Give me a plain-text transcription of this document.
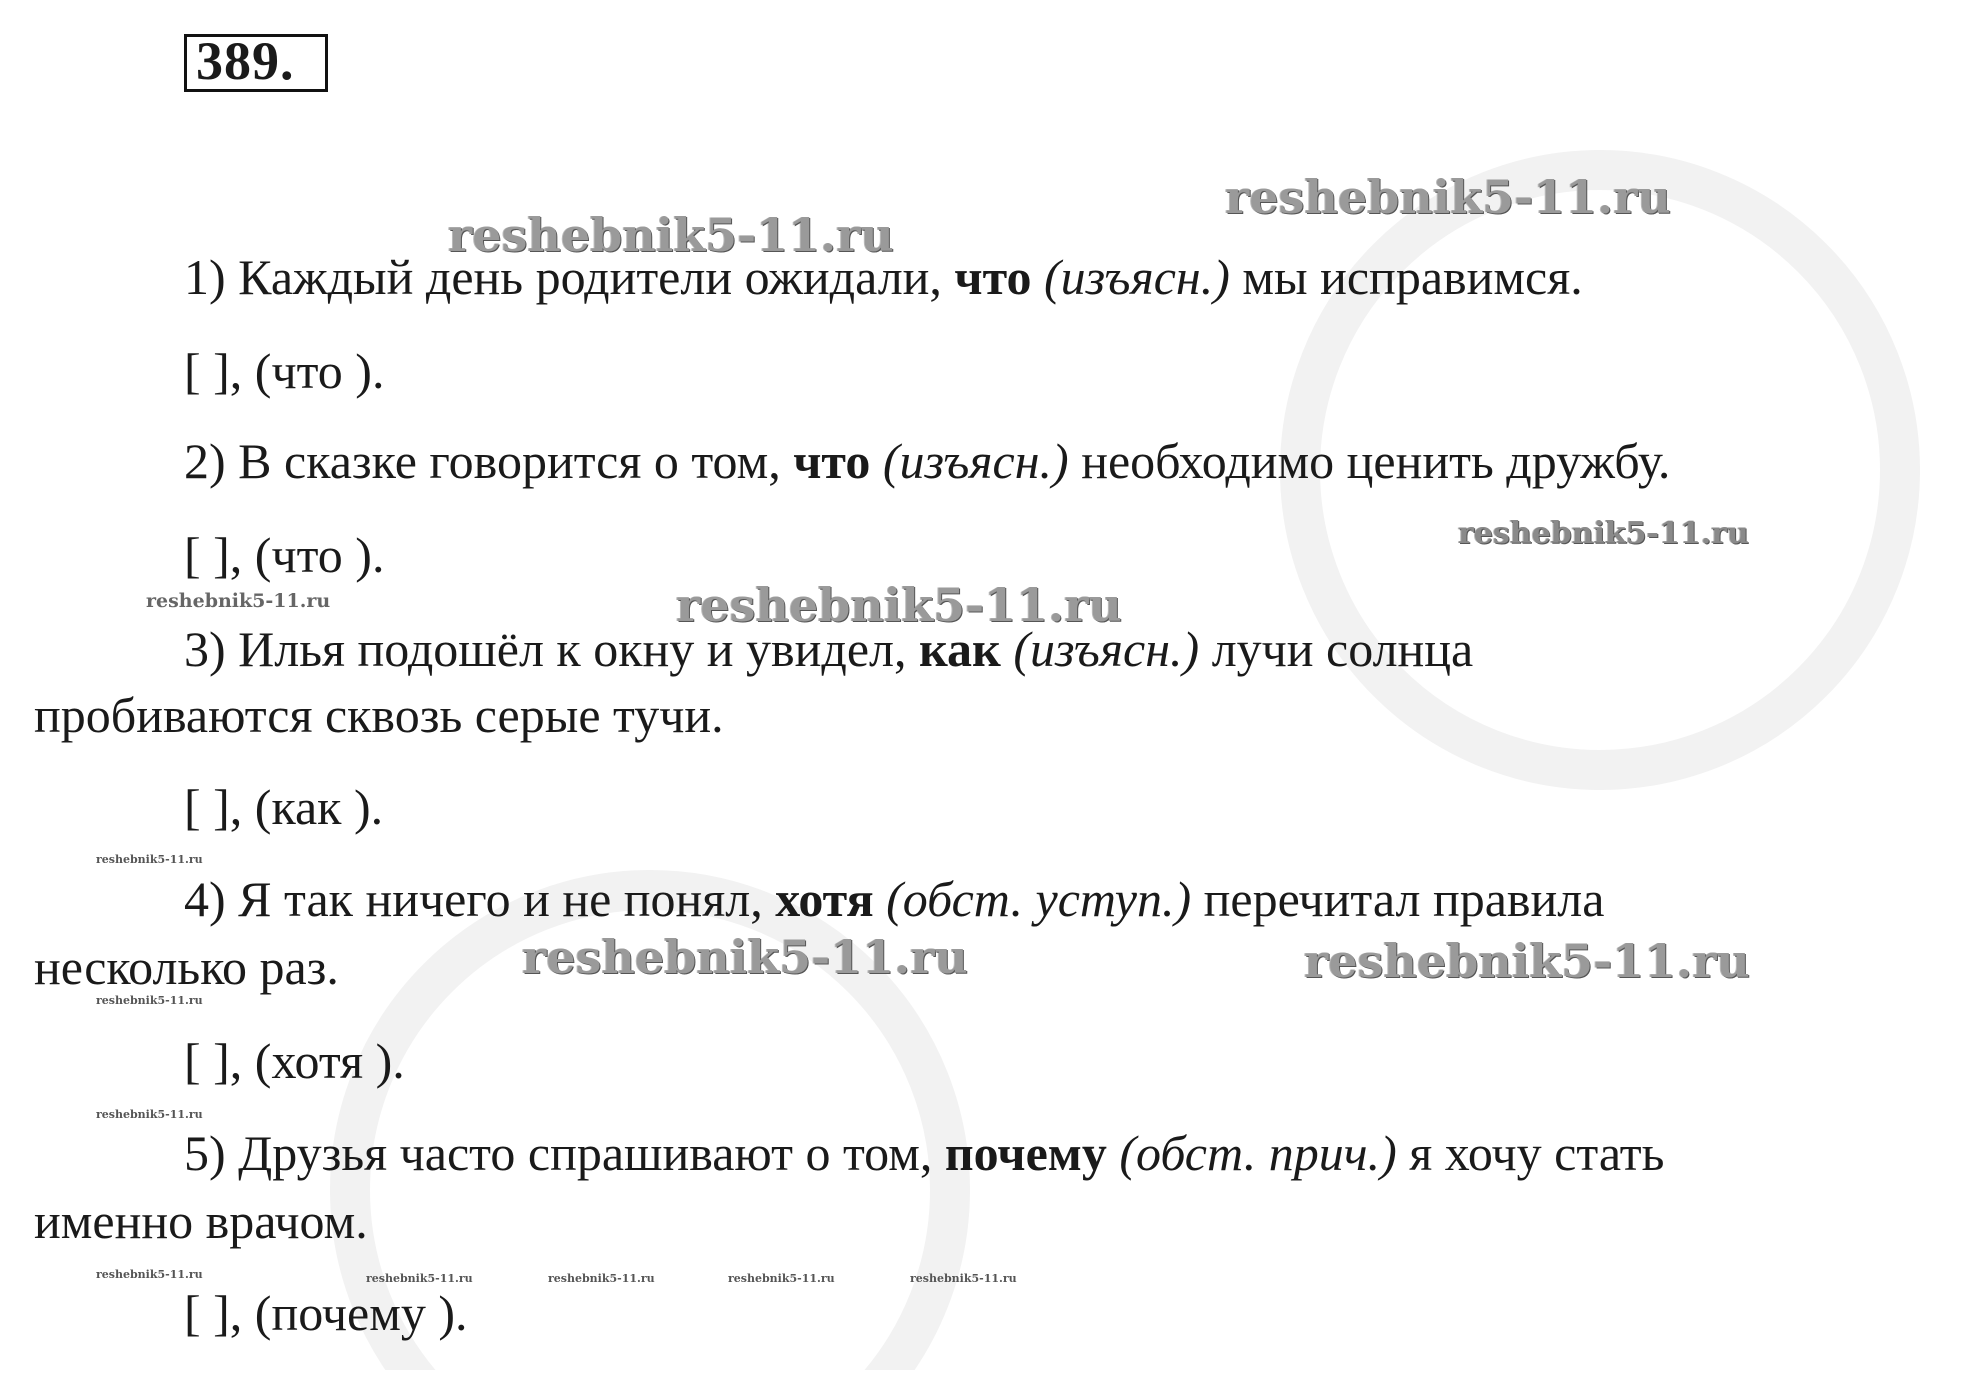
389.
1) Каждый день родители ожидали, что (изъясн.) мы исправимся.
[ ], (что ).
2) В сказке говорится о том, что (изъясн.) необходимо ценить дружбу.
[ ], (что ).
3) Илья подошёл к окну и увидел, как (изъясн.) лучи солнца
пробиваются сквозь серые тучи.
[ ], (как ).
4) Я так ничего и не понял, хотя (обст. уступ.) перечитал правила
несколько раз.
[ ], (хотя ).
5) Друзья часто спрашивают о том, почему (обст. прич.) я хочу стать
именно врачом.
[ ], (почему ).
reshebnik5-11.ru
reshebnik5-11.ru
reshebnik5-11.ru
reshebnik5-11.ru	reshebnik5-11.ru
reshebnik5-11.ru
reshebnik5-11.ru	reshebnik5-11.ru
reshebnik5-11.ru
reshebnik5-11.ru
reshebnik5-11.ru	reshebnik5-11.ru	reshebnik5-11.ru	reshebnik5-11.ru	reshebnik5-11.ru
